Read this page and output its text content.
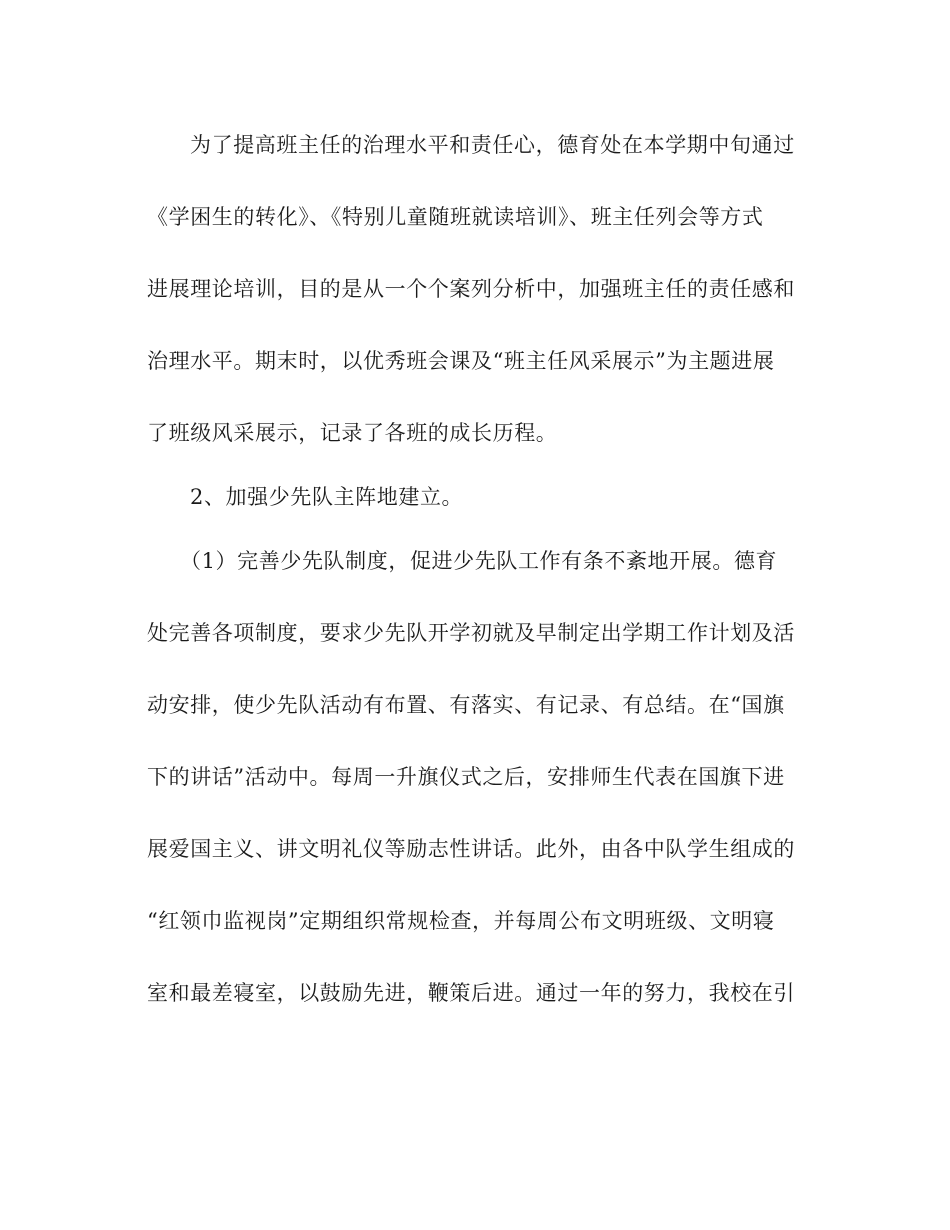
为了提高班主任的治理水平和责任心，德育处在本学期中旬通过
《学困生的转化》、《特别儿童随班就读培训》、班主任列会等方式
进展理论培训，目的是从一个个案列分析中，加强班主任的责任感和
治理水平。期末时，以优秀班会课及“班主任风采展示”为主题进展
了班级风采展示，记录了各班的成长历程。
2、加强少先队主阵地建立。
（1）完善少先队制度，促进少先队工作有条不紊地开展。德育
处完善各项制度，要求少先队开学初就及早制定出学期工作计划及活
动安排，使少先队活动有布置、有落实、有记录、有总结。在“国旗
下的讲话”活动中。每周一升旗仪式之后，安排师生代表在国旗下进
展爱国主义、讲文明礼仪等励志性讲话。此外，由各中队学生组成的
“红领巾监视岗”定期组织常规检查，并每周公布文明班级、文明寝
室和最差寝室，以鼓励先进，鞭策后进。通过一年的努力，我校在引
